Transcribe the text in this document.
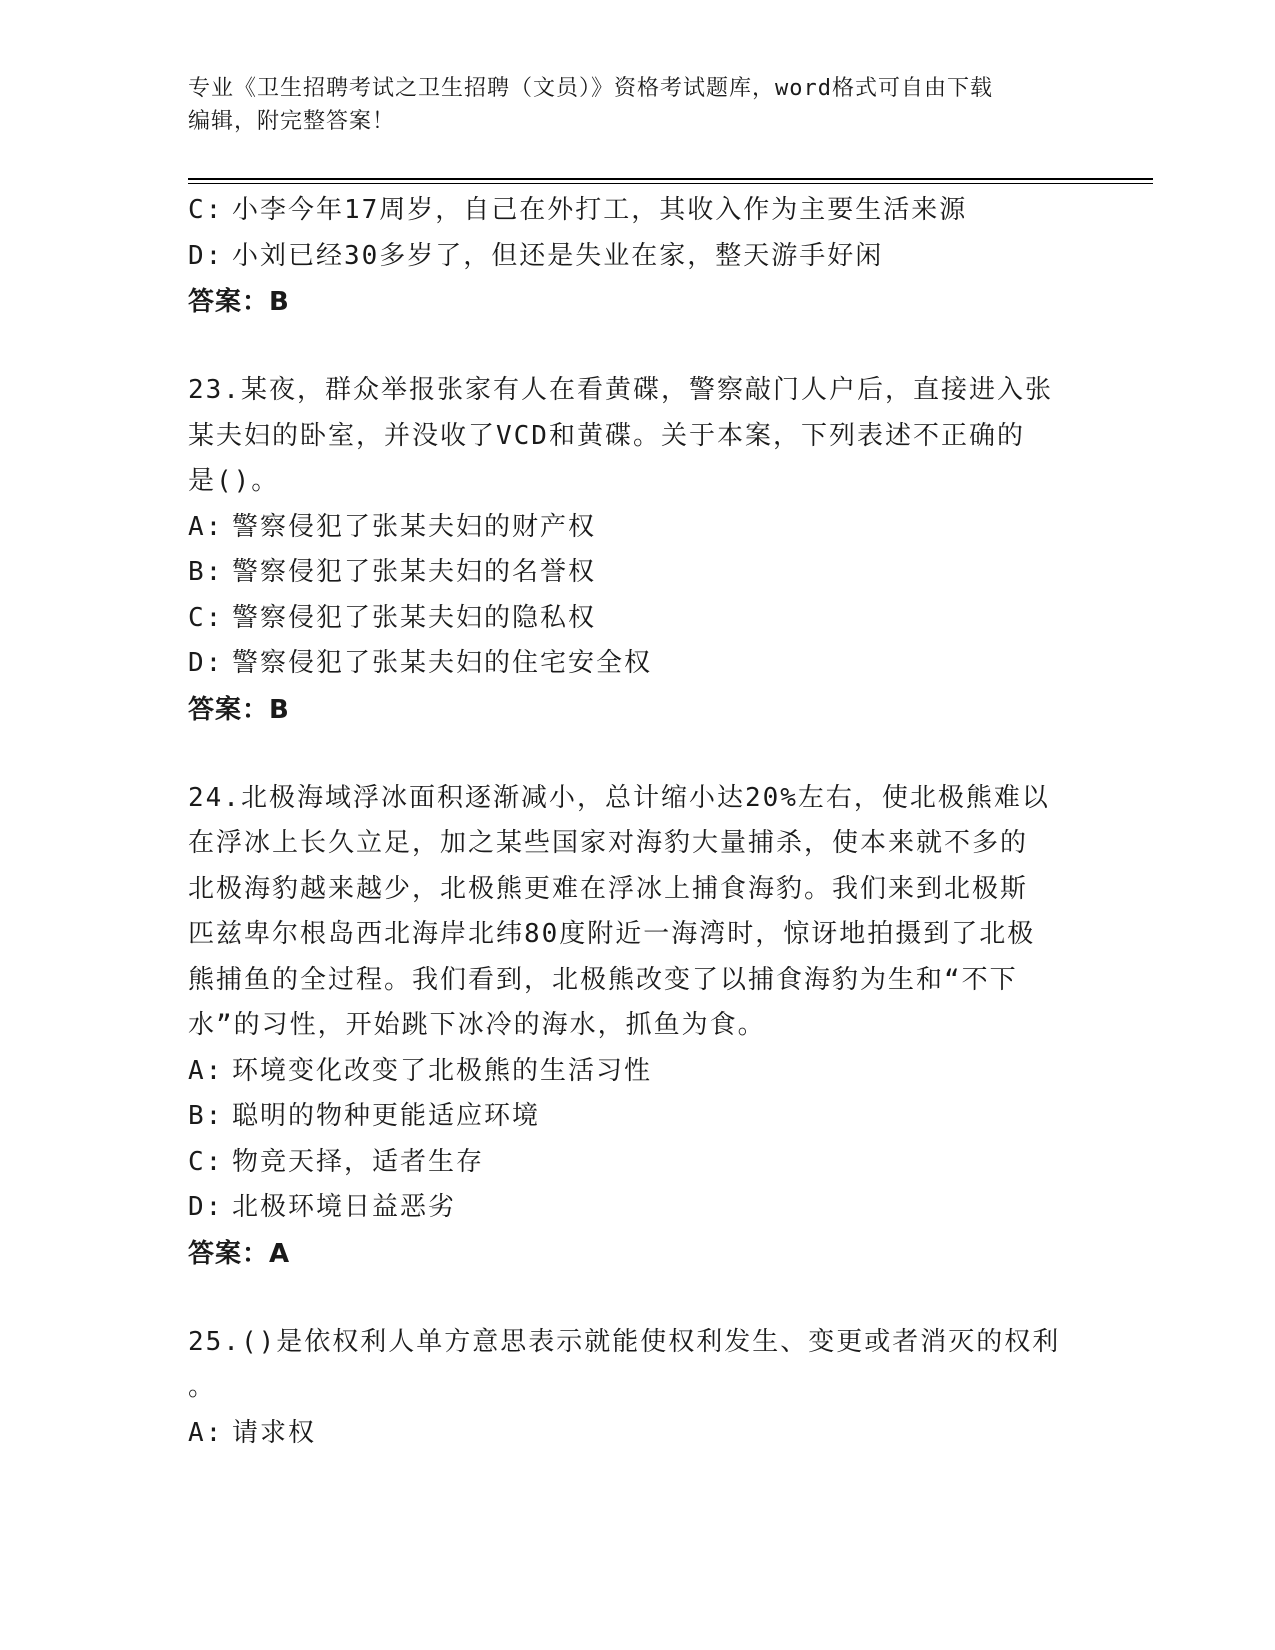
专业《卫生招聘考试之卫生招聘（文员）》资格考试题库，word格式可自由下载
编辑，附完整答案！
C: 小李今年17周岁，自己在外打工，其收入作为主要生活来源
D: 小刘已经30多岁了，但还是失业在家，整天游手好闲
答案：B
23.某夜，群众举报张家有人在看黄碟，警察敲门人户后，直接进入张
某夫妇的卧室，并没收了VCD和黄碟。关于本案，下列表述不正确的
是()。
A: 警察侵犯了张某夫妇的财产权
B: 警察侵犯了张某夫妇的名誉权
C: 警察侵犯了张某夫妇的隐私权
D: 警察侵犯了张某夫妇的住宅安全权
答案：B
24.北极海域浮冰面积逐渐减小，总计缩小达20%左右，使北极熊难以
在浮冰上长久立足，加之某些国家对海豹大量捕杀，使本来就不多的
北极海豹越来越少，北极熊更难在浮冰上捕食海豹。我们来到北极斯
匹兹卑尔根岛西北海岸北纬80度附近一海湾时，惊讶地拍摄到了北极
熊捕鱼的全过程。我们看到，北极熊改变了以捕食海豹为生和“不下
水”的习性，开始跳下冰冷的海水，抓鱼为食。
A: 环境变化改变了北极熊的生活习性
B: 聪明的物种更能适应环境
C: 物竞天择，适者生存
D: 北极环境日益恶劣
答案：A
25.()是依权利人单方意思表示就能使权利发生、变更或者消灭的权利
。
A: 请求权
